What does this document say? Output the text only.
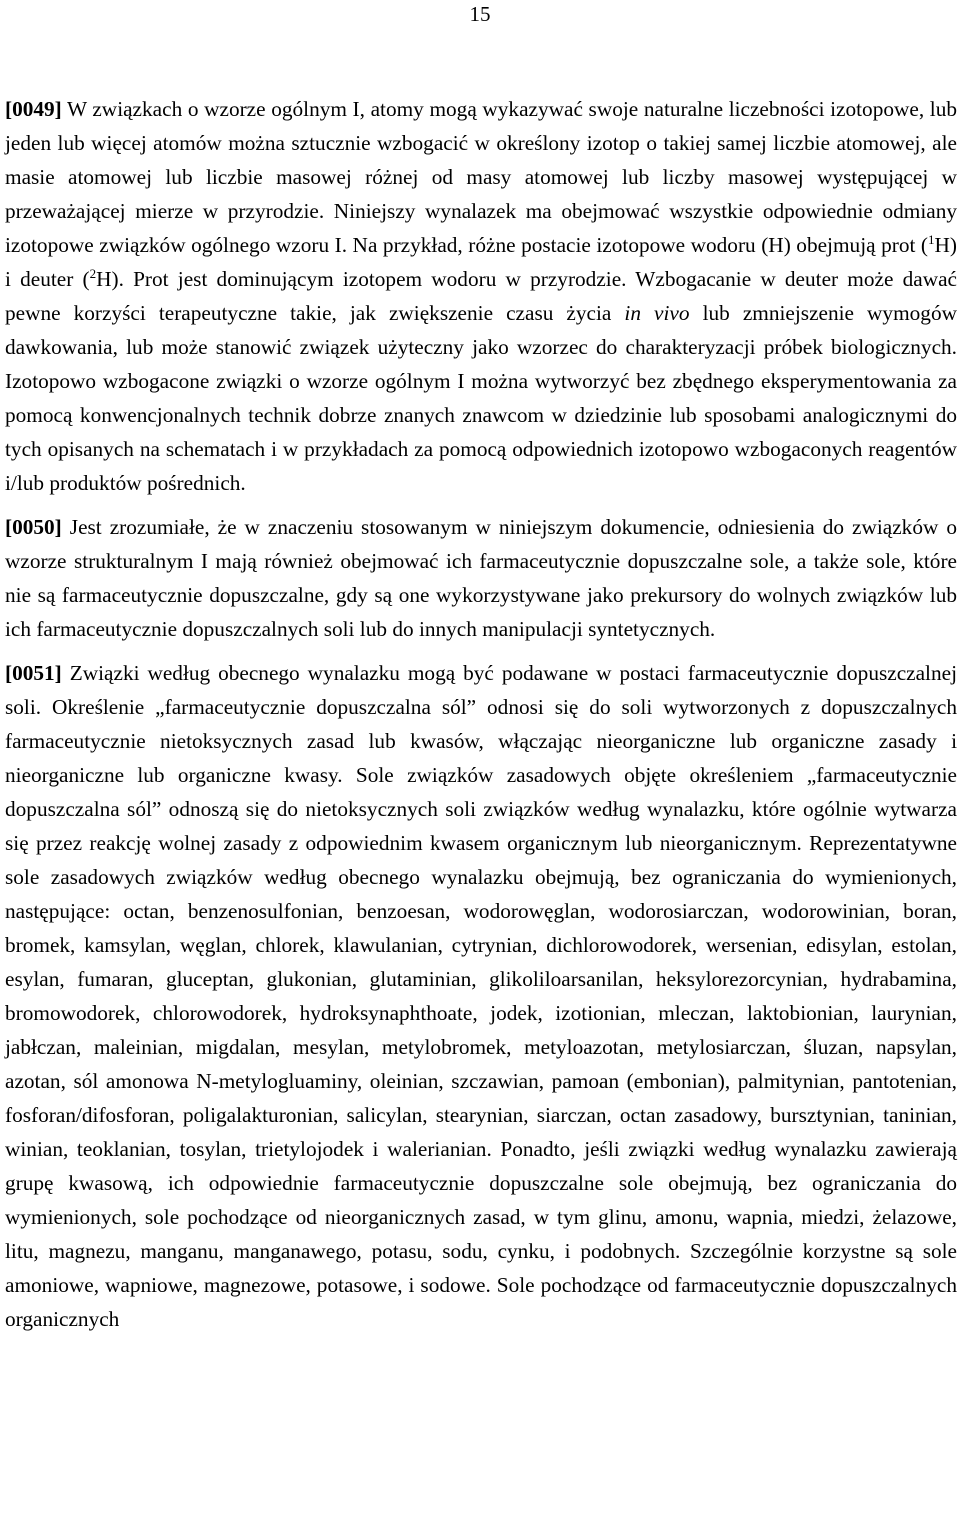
15

[0049] W związkach o wzorze ogólnym I, atomy mogą wykazywać swoje naturalne liczebności izotopowe, lub jeden lub więcej atomów można sztucznie wzbogacić w określony izotop o takiej samej liczbie atomowej, ale masie atomowej lub liczbie masowej różnej od masy atomowej lub liczby masowej występującej w przeważającej mierze w przyrodzie. Niniejszy wynalazek ma obejmować wszystkie odpowiednie odmiany izotopowe związków ogólnego wzoru I. Na przykład, różne postacie izotopowe wodoru (H) obejmują prot ($^1$H) i deuter ($^2$H). Prot jest dominującym izotopem wodoru w przyrodzie. Wzbogacanie w deuter może dawać pewne korzyści terapeutyczne takie, jak zwiększenie czasu życia in vivo lub zmniejszenie wymogów dawkowania, lub może stanowić związek użyteczny jako wzorzec do charakteryzacji próbek biologicznych. Izotopowo wzbogacone związki o wzorze ogólnym I można wytworzyć bez zbędnego eksperymentowania za pomocą konwencjonalnych technik dobrze znanych znawcom w dziedzinie lub sposobami analogicznymi do tych opisanych na schematach i w przykładach za pomocą odpowiednich izotopowo wzbogaconych reagentów i/lub produktów pośrednich.

[0050] Jest zrozumiałe, że w znaczeniu stosowanym w niniejszym dokumencie, odniesienia do związków o wzorze strukturalnym I mają również obejmować ich farmaceutycznie dopuszczalne sole, a także sole, które nie są farmaceutycznie dopuszczalne, gdy są one wykorzystywane jako prekursory do wolnych związków lub ich farmaceutycznie dopuszczalnych soli lub do innych manipulacji syntetycznych.

[0051] Związki według obecnego wynalazku mogą być podawane w postaci farmaceutycznie dopuszczalnej soli. Określenie „farmaceutycznie dopuszczalna sól” odnosi się do soli wytworzonych z dopuszczalnych farmaceutycznie nietoksycznych zasad lub kwasów, włączając nieorganiczne lub organiczne zasady i nieorganiczne lub organiczne kwasy. Sole związków zasadowych objęte określeniem „farmaceutycznie dopuszczalna sól” odnoszą się do nietoksycznych soli związków według wynalazku, które ogólnie wytwarza się przez reakcję wolnej zasady z odpowiednim kwasem organicznym lub nieorganicznym. Reprezentatywne sole zasadowych związków według obecnego wynalazku obejmują, bez ograniczania do wymienionych, następujące: octan, benzenosulfonian, benzoesan, wodorowęglan, wodorosiarczan, wodorowinian, boran, bromek, kamsylan, węglan, chlorek, klawulanian, cytrynian, dichlorowodorek, wersenian, edisylan, estolan, esylan, fumaran, gluceptan, glukonian, glutaminian, glikoliloarsanilan, heksylorezorcynian, hydrabamina, bromowodorek, chlorowodorek, hydroksynaphthoate, jodek, izotionian, mleczan, laktobionian, laurynian, jabłczan, maleinian, migdalan, mesylan, metylobromek, metyloazotan, metylosiarczan, śluzan, napsylan, azotan, sól amonowa N-metylogluaminy, oleinian, szczawian, pamoan (embonian), palmitynian, pantotenian, fosforan/difosforan, poligalakturonian, salicylan, stearynian, siarczan, octan zasadowy, bursztynian, taninian, winian, teoklanian, tosylan, trietylojodek i walerianian. Ponadto, jeśli związki według wynalazku zawierają grupę kwasową, ich odpowiednie farmaceutycznie dopuszczalne sole obejmują, bez ograniczania do wymienionych, sole pochodzące od nieorganicznych zasad, w tym glinu, amonu, wapnia, miedzi, żelazowe, litu, magnezu, manganu, manganawego, potasu, sodu, cynku, i podobnych. Szczególnie korzystne są sole amoniowe, wapniowe, magnezowe, potasowe, i sodowe. Sole pochodzące od farmaceutycznie dopuszczalnych organicznych
